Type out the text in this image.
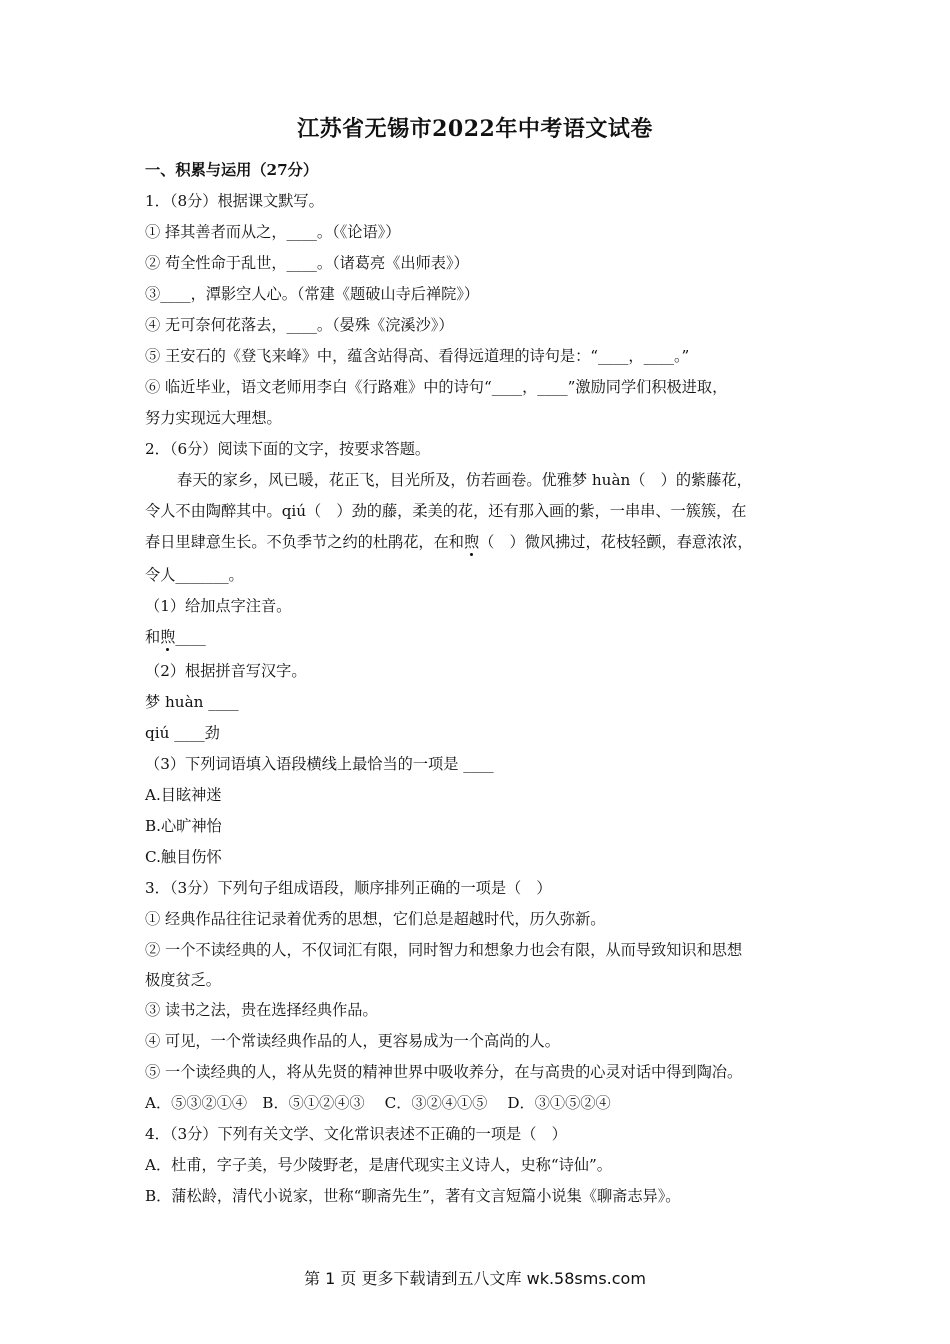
江苏省无锡市2022年中考语文试卷
一、积累与运用（27分）
1．（8分）根据课文默写。
① 择其善者而从之，____。（《论语》）
② 苟全性命于乱世，____。（诸葛亮《出师表》）
③____，潭影空人心。（常建《题破山寺后禅院》）
④ 无可奈何花落去，____。（晏殊《浣溪沙》）
⑤ 王安石的《登飞来峰》中，蕴含站得高、看得远道理的诗句是：“____，____。”
⑥ 临近毕业，语文老师用李白《行路难》中的诗句“____，____”激励同学们积极进取，
努力实现远大理想。
2．（6分）阅读下面的文字，按要求答题。
春天的家乡，风已暖，花正飞，目光所及，仿若画卷。优雅梦 huàn（　）的紫藤花，
令人不由陶醉其中。qiú（　）劲的藤，柔美的花，还有那入画的紫，一串串、一簇簇，在
春日里肆意生长。不负季节之约的杜鹃花，在和煦（　）微风拂过，花枝轻颤，春意浓浓，
令人_______。
（1）给加点字注音。
和煦____
（2）根据拼音写汉字。
梦 huàn ____
qiú ____劲
（3）下列词语填入语段横线上最恰当的一项是 ____
A.目眩神迷
B.心旷神怡
C.触目伤怀
3．（3分）下列句子组成语段，顺序排列正确的一项是（　）
① 经典作品往往记录着优秀的思想，它们总是超越时代，历久弥新。
② 一个不读经典的人，不仅词汇有限，同时智力和想象力也会有限，从而导致知识和思想
极度贫乏。
③ 读书之法，贵在选择经典作品。
④ 可见，一个常读经典作品的人，更容易成为一个高尚的人。
⑤ 一个读经典的人，将从先贤的精神世界中吸收养分，在与高贵的心灵对话中得到陶冶。
A．⑤③②①④　B．⑤①②④③　 C．③②④①⑤　 D．③①⑤②④
4．（3分）下列有关文学、文化常识表述不正确的一项是（　）
A．杜甫，字子美，号少陵野老，是唐代现实主义诗人，史称“诗仙”。
B．蒲松龄，清代小说家，世称“聊斋先生”，著有文言短篇小说集《聊斋志异》。
第 1 页 更多下载请到五八文库 wk.58sms.com
